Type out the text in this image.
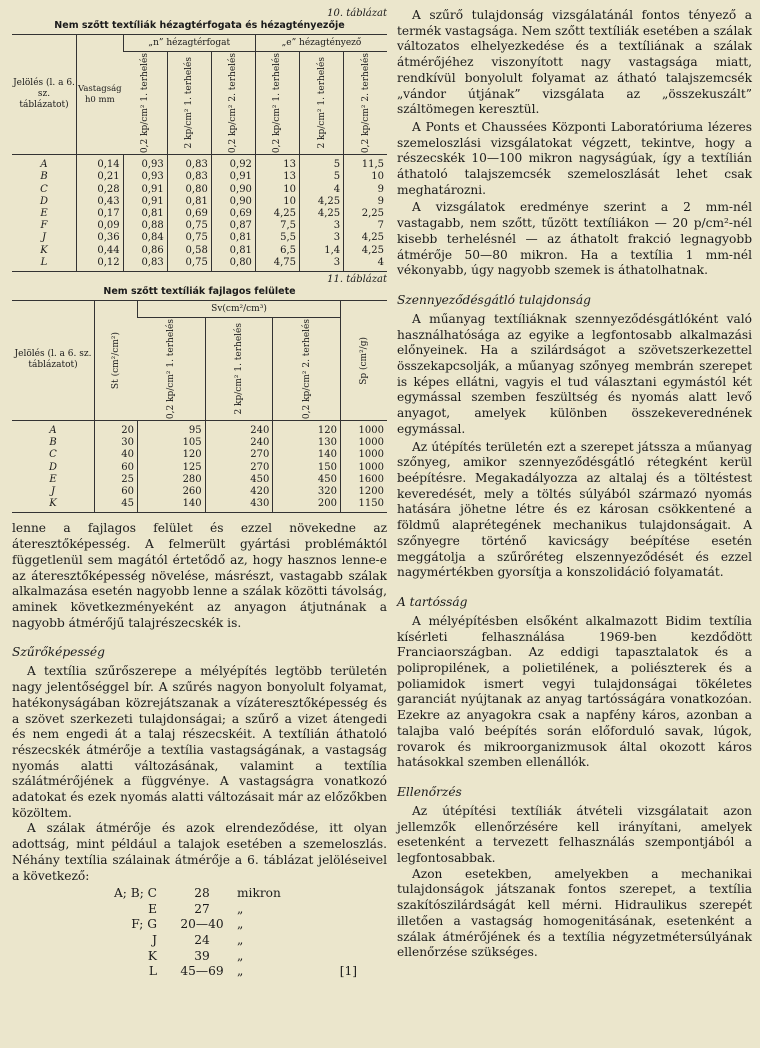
10. táblázat
Nem szőtt textíliák hézagtérfogata és hézagtényezője
Jelölés (l. a 6. sz. táblázatot)	Vastagság h0 mm	„n” hézagtérfogat			„e” hézagtényező		

		0,2 kp/cm² 1. terhelés	2 kp/cm² 1. terhelés	0,2 kp/cm² 2. terhelés	0,2 kp/cm² 1. terhelés	2 kp/cm² 1. terhelés	0,2 kp/cm² 2. terhelés

A	0,14	0,93	0,83	0,92	13	5	11,5
B	0,21	0,93	0,83	0,91	13	5	10
C	0,28	0,91	0,80	0,90	10	4	9
D	0,43	0,91	0,81	0,90	10	4,25	9
E	0,17	0,81	0,69	0,69	4,25	4,25	2,25
F	0,09	0,88	0,75	0,87	7,5	3	7
J	0,36	0,84	0,75	0,81	5,5	3	4,25
K	0,44	0,86	0,58	0,81	6,5	1,4	4,25
L	0,12	0,83	0,75	0,80	4,75	3	4
11. táblázat
Nem szőtt textíliák fajlagos felülete
Jelölés (l. a 6. sz. táblázatot)	St (cm²/cm²)	Sv(cm²/cm³)			Sp (cm²/g)

		0,2 kp/cm² 1. terhelés	2 kp/cm² 1. terhelés	0,2 kp/cm² 2. terhelés	

A	20	95	240	120	1000
B	30	105	240	130	1000
C	40	120	270	140	1000
D	60	125	270	150	1000
E	25	280	450	450	1600
J	60	260	420	320	1200
K	45	140	430	200	1150

lenne a fajlagos felület és ezzel növekedne az áteresztőképesség. A felmerült gyártási problémáktól függetlenül sem magától értetődő az, hogy hasznos lenne-e az áteresztőképesség növelése, másrészt, vastagabb szálak alkalmazása esetén nagyobb lenne a szálak közötti távolság, aminek következményeként az anyagon átjutnának a nagyobb átmérőjű talajrészecskék is.

Szűrőképesség

A textília szűrőszerepe a mélyépítés legtöbb területén nagy jelentőséggel bír. A szűrés nagyon bonyolult folyamat, hatékonyságában közrejátszanak a vízáteresztőképesség és a szövet szerkezeti tulajdonságai; a szűrő a vizet átengedi és nem engedi át a talaj részecskéit. A textílián áthatoló részecskék átmérője a textília vastagságának, a vastagság nyomás alatti változásának, valamint a textília szálátmérőjének a függvénye. A vastagságra vonatkozó adatokat és ezek nyomás alatti változásait már az előzőkben közöltem.

A szálak átmérője és azok elrendeződése, itt olyan adottság, mint például a talajok esetében a szemeloszlás. Néhány textília szálainak átmérője a 6. táblázat jelöléseivel a következő:

A; B; C	28	mikron
E	27	„
F; G	20—40	„
J	24	„
K	39	„
L	45—69	„	[1]

A szűrő tulajdonság vizsgálatánál fontos tényező a termék vastagsága. Nem szőtt textíliák esetében a szálak változatos elhelyezkedése és a textíliának a szálak átmérőjéhez viszonyított nagy vastagsága miatt, rendkívül bonyolult folyamat az átható talajszemcsék „vándor útjának” vizsgálata az „összekuszált” száltömegen keresztül.

A Ponts et Chaussées Központi Laboratóriuma lézeres szemeloszlási vizsgálatokat végzett, tekintve, hogy a részecskék 10—100 mikron nagyságúak, így a textílián áthatoló talajszemcsék szemeloszlását lehet csak meghatározni.

A vizsgálatok eredménye szerint a 2 mm-nél vastagabb, nem szőtt, tűzött textíliákon — 20 p/cm²-nél kisebb terhelésnél — az áthatolt frakció legnagyobb átmérője 50—80 mikron. Ha a textília 1 mm-nél vékonyabb, úgy nagyobb szemek is áthatolhatnak.

Szennyeződésgátló tulajdonság

A műanyag textíliáknak szennyeződésgátlóként való használhatósága az egyike a legfontosabb alkalmazási előnyeinek. Ha a szilárdságot a szövetszerkezettel összekapcsolják, a műanyag szőnyeg membrán szerepet is képes ellátni, vagyis el tud választani egymástól két egymással szemben feszültség és nyomás alatt levő anyagot, amelyek különben összekeverednének egymással.

Az útépítés területén ezt a szerepet játssza a műanyag szőnyeg, amikor szennyeződésgátló rétegként kerül beépítésre. Megakadályozza az altalaj és a töltéstest keveredését, mely a töltés súlyából származó nyomás hatására jöhetne létre és ez károsan csökkentené a földmű alaprétegének mechanikus tulajdonságait. A szőnyegre történő kavicságy beépítése esetén meggátolja a szűrőréteg elszennyeződését és ezzel nagymértékben gyorsítja a konszolidáció folyamatát.

A tartósság

A mélyépítésben elsőként alkalmazott Bidim textília kísérleti felhasználása 1969-ben kezdődött Franciaországban. Az eddigi tapasztalatok és a polipropilének, a polietilének, a poliészterek és a poliamidok ismert vegyi tulajdonságai tökéletes garanciát nyújtanak az anyag tartósságára vonatkozóan. Ezekre az anyagokra csak a napfény káros, azonban a talajba való beépítés során előforduló savak, lúgok, rovarok és mikroorganizmusok által okozott káros hatásokkal szemben ellenállók.

Ellenőrzés

Az útépítési textíliák átvételi vizsgálatait azon jellemzők ellenőrzésére kell irányítani, amelyek esetenként a tervezett felhasználás szempontjából a legfontosabbak.

Azon esetekben, amelyekben a mechanikai tulajdonságok játszanak fontos szerepet, a textília szakítószilárdságát kell mérni. Hidraulikus szerepét illetően a vastagság homogenitásának, esetenként a szálak átmérőjének és a textília négyzetmétersúlyának ellenőrzése szükséges.
